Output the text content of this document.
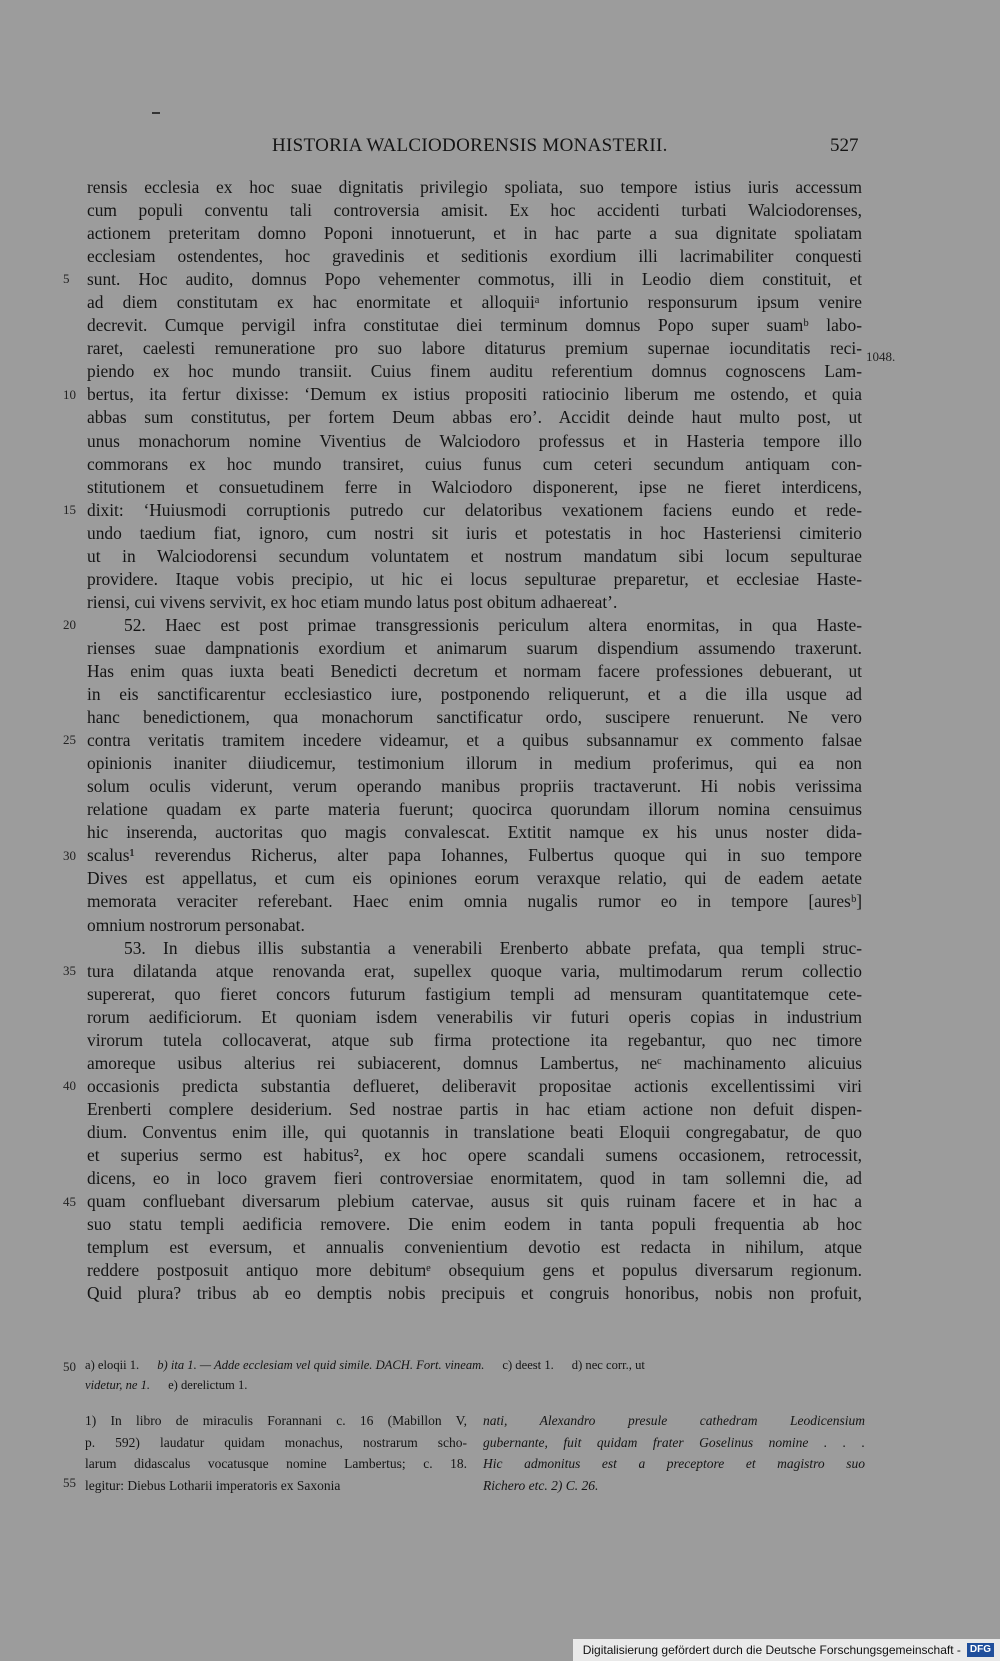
HISTORIA WALCIODORENSIS MONASTERII.	527
rensis ecclesia ex hoc suae dignitatis privilegio spoliata, suo tempore istius iuris accessum
cum populi conventu tali controversia amisit. Ex hoc accidenti turbati Walciodorenses,
actionem preteritam domno Poponi innotuerunt, et in hac parte a sua dignitate spoliatam
ecclesiam ostendentes, hoc gravedinis et seditionis exordium illi lacrimabiliter conquesti
sunt. Hoc audito, domnus Popo vehementer commotus, illi in Leodio diem constituit, et
ad diem constitutam ex hac enormitate et alloquiiᵃ infortunio responsurum ipsum venire
decrevit. Cumque pervigil infra constitutae diei terminum domnus Popo super suamᵇ labo-
raret, caelesti remuneratione pro suo labore ditaturus premium supernae iocunditatis reci-
piendo ex hoc mundo transiit. Cuius finem auditu referentium domnus cognoscens Lam-
bertus, ita fertur dixisse: ‘Demum ex istius propositi ratiocinio liberum me ostendo, et quia
abbas sum constitutus, per fortem Deum abbas ero’. Accidit deinde haut multo post, ut
unus monachorum nomine Viventius de Walciodoro professus et in Hasteria tempore illo
commorans ex hoc mundo transiret, cuius funus cum ceteri secundum antiquam con-
stitutionem et consuetudinem ferre in Walciodoro disponerent, ipse ne fieret interdicens,
dixit: ‘Huiusmodi corruptionis putredo cur delatoribus vexationem faciens eundo et rede-
undo taedium fiat, ignoro, cum nostri sit iuris et potestatis in hoc Hasteriensi cimiterio
ut in Walciodorensi secundum voluntatem et nostrum mandatum sibi locum sepulturae
providere. Itaque vobis precipio, ut hic ei locus sepulturae preparetur, et ecclesiae Haste-
riensi, cui vivens servivit, ex hoc etiam mundo latus post obitum adhaereat’.
52. Haec est post primae transgressionis periculum altera enormitas, in qua Haste-
rienses suae dampnationis exordium et animarum suarum dispendium assumendo traxerunt.
Has enim quas iuxta beati Benedicti decretum et normam facere professiones debuerant, ut
in eis sanctificarentur ecclesiastico iure, postponendo reliquerunt, et a die illa usque ad
hanc benedictionem, qua monachorum sanctificatur ordo, suscipere renuerunt. Ne vero
contra veritatis tramitem incedere videamur, et a quibus subsannamur ex commento falsae
opinionis inaniter diiudicemur, testimonium illorum in medium proferimus, qui ea non
solum oculis viderunt, verum operando manibus propriis tractaverunt. Hi nobis verissima
relatione quadam ex parte materia fuerunt; quocirca quorundam illorum nomina censuimus
hic inserenda, auctoritas quo magis convalescat. Extitit namque ex his unus noster dida-
scalus¹ reverendus Richerus, alter papa Iohannes, Fulbertus quoque qui in suo tempore
Dives est appellatus, et cum eis opiniones eorum veraxque relatio, qui de eadem aetate
memorata veraciter referebant. Haec enim omnia nugalis rumor eo in tempore [auresᵇ]
omnium nostrorum personabat.
53. In diebus illis substantia a venerabili Erenberto abbate prefata, qua templi struc-
tura dilatanda atque renovanda erat, supellex quoque varia, multimodarum rerum collectio
supererat, quo fieret concors futurum fastigium templi ad mensuram quantitatemque cete-
rorum aedificiorum. Et quoniam isdem venerabilis vir futuri operis copias in industrium
virorum tutela collocaverat, atque sub firma protectione ita regebantur, quo nec timore
amoreque usibus alterius rei subiacerent, domnus Lambertus, neᶜ machinamento alicuius
occasionis predicta substantia deflueret, deliberavit propositae actionis excellentissimi viri
Erenberti complere desiderium. Sed nostrae partis in hac etiam actione non defuit dispen-
dium. Conventus enim ille, qui quotannis in translatione beati Eloquii congregabatur, de quo
et superius sermo est habitus², ex hoc opere scandali sumens occasionem, retrocessit,
dicens, eo in loco gravem fieri controversiae enormitatem, quod in tam sollemni die, ad
quam confluebant diversarum plebium catervae, ausus sit quis ruinam facere et in hac a
suo statu templi aedificia removere. Die enim eodem in tanta populi frequentia ab hoc
templum est eversum, et annualis convenientium devotio est redacta in nihilum, atque
reddere postposuit antiquo more debitumᵉ obsequium gens et populus diversarum regionum.
Quid plura? tribus ab eo demptis nobis precipuis et congruis honoribus, nobis non profuit,
5
10
15
20
25
30
35
40
45
50
55
1048.
a) eloqii 1. b) ita 1. — Adde ecclesiam vel quid simile. DACH. Fort. vineam. c) deest 1. d) nec corr., ut
videtur, ne 1. e) derelictum 1.
1) In libro de miraculis Forannani c. 16 (Mabillon V,
p. 592) laudatur quidam monachus, nostrarum scho-
larum didascalus vocatusque nomine Lambertus; c. 18.
legitur: Diebus Lotharii imperatoris ex Saxonia
nati, Alexandro presule cathedram Leodicensium
gubernante, fuit quidam frater Goselinus nomine . . .
Hic admonitus est a preceptore et magistro suo
Richero etc. 2) C. 26.
Digitalisierung gefördert durch die Deutsche Forschungsgemeinschaft - DFG
